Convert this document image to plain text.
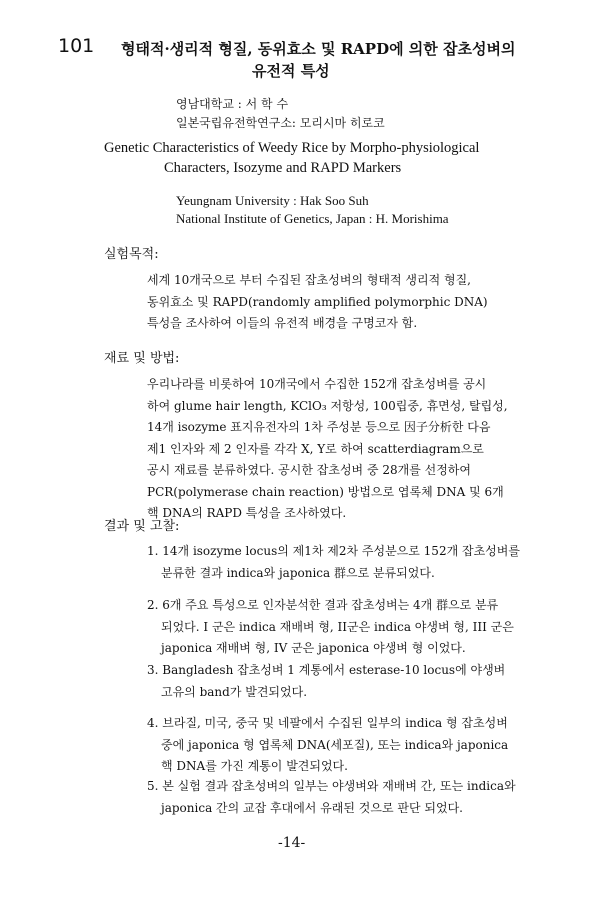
101 형태적·생리적 형질, 동위효소 및 RAPD에 의한 잡초성벼의
유전적 특성
영남대학교 : 서 학 수
일본국립유전학연구소: 모리시마 히로코
Genetic Characteristics of Weedy Rice by Morpho-physiological
Characters, Isozyme and RAPD Markers
Yeungnam University : Hak Soo Suh
National Institute of Genetics, Japan : H. Morishima
실험목적:
세계 10개국으로 부터 수집된 잡초성벼의 형태적 생리적 형질,
동위효소 및 RAPD(randomly amplified polymorphic DNA)
특성을 조사하여 이들의 유전적 배경을 구명코자 함.
재료 및 방법:
우리나라를 비롯하여 10개국에서 수집한 152개 잡초성벼를 공시
하여 glume hair length, KClO₃ 저항성, 100립중, 휴면성, 탈립성,
14개 isozyme 표지유전자의 1차 주성분 등으로 因子分析한 다음
제1 인자와 제 2 인자를 각각 X, Y로 하여 scatterdiagram으로
공시 재료를 분류하였다. 공시한 잡초성벼 중 28개를 선정하여
PCR(polymerase chain reaction) 방법으로 엽록체 DNA 및 6개
핵 DNA의 RAPD 특성을 조사하였다.
결과 및 고찰:
1. 14개 isozyme locus의 제1차 제2차 주성분으로 152개 잡초성벼를
분류한 결과 indica와 japonica 群으로 분류되었다.
2. 6개 주요 특성으로 인자분석한 결과 잡초성벼는 4개 群으로 분류
되었다. I 군은 indica 재배벼 형, II군은 indica 야생벼 형, III 군은
japonica 재배벼 형, IV 군은 japonica 야생벼 형 이었다.
3. Bangladesh 잡초성벼 1 계통에서 esterase-10 locus에 야생벼
고유의 band가 발견되었다.
4. 브라질, 미국, 중국 및 네팔에서 수집된 일부의 indica 형 잡초성벼
중에 japonica 형 엽록체 DNA(세포질), 또는 indica와 japonica
핵 DNA를 가진 계통이 발견되었다.
5. 본 실험 결과 잡초성벼의 일부는 야생벼와 재배벼 간, 또는 indica와
japonica 간의 교잡 후대에서 유래된 것으로 판단 되었다.
-14-
